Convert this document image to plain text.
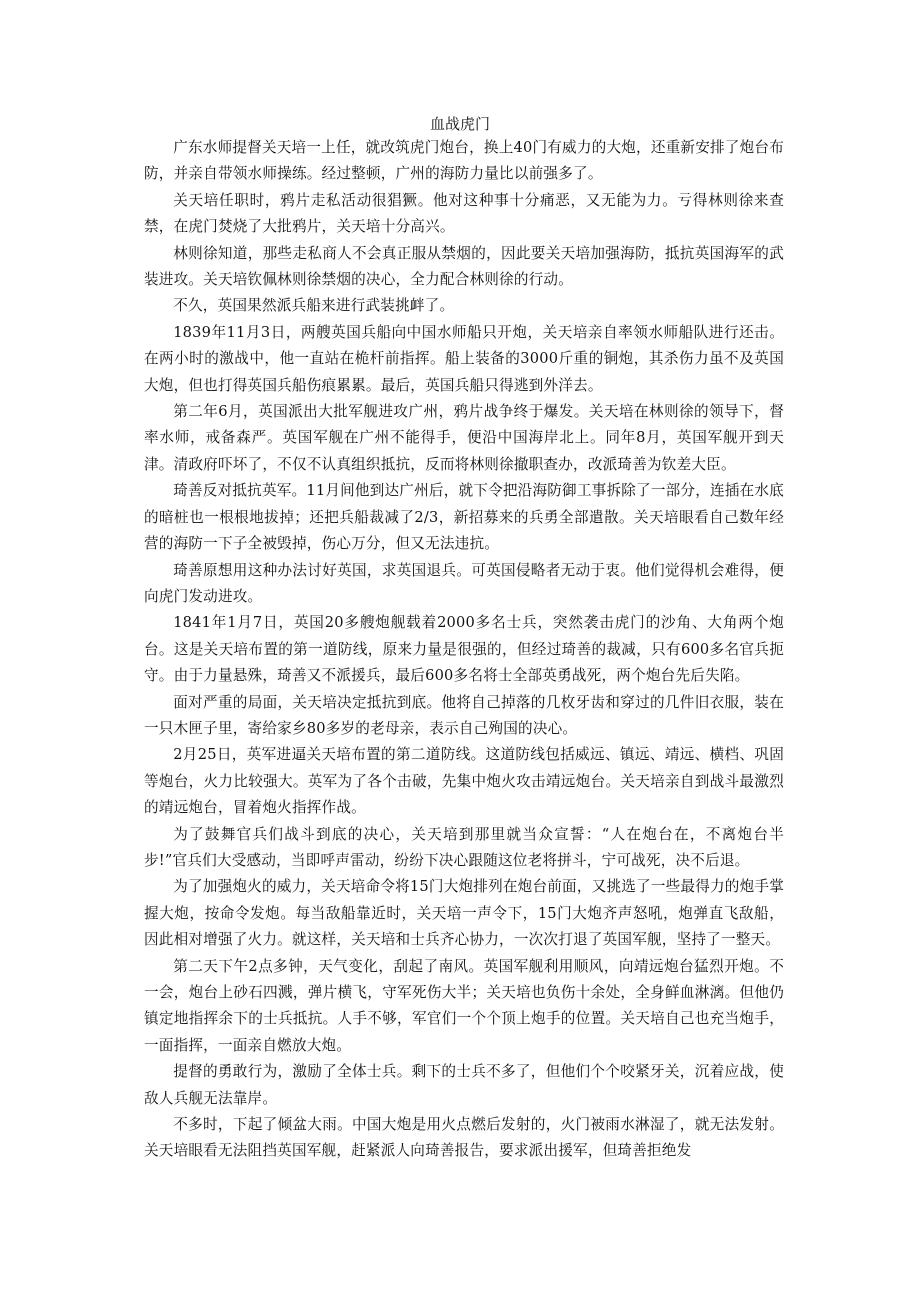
血战虎门

广东水师提督关天培一上任，就改筑虎门炮台，换上40门有威力的大炮，还重新安排了炮台布防，并亲自带领水师操练。经过整顿，广州的海防力量比以前强多了。

关天培任职时，鸦片走私活动很猖獗。他对这种事十分痛恶，又无能为力。亏得林则徐来查禁，在虎门焚烧了大批鸦片，关天培十分高兴。

林则徐知道，那些走私商人不会真正服从禁烟的，因此要关天培加强海防，抵抗英国海军的武装进攻。关天培钦佩林则徐禁烟的决心，全力配合林则徐的行动。

不久，英国果然派兵船来进行武装挑衅了。

1839年11月3日，两艘英国兵船向中国水师船只开炮，关天培亲自率领水师船队进行还击。在两小时的激战中，他一直站在桅杆前指挥。船上装备的3000斤重的铜炮，其杀伤力虽不及英国大炮，但也打得英国兵船伤痕累累。最后，英国兵船只得逃到外洋去。

第二年6月，英国派出大批军舰进攻广州，鸦片战争终于爆发。关天培在林则徐的领导下，督率水师，戒备森严。英国军舰在广州不能得手，便沿中国海岸北上。同年8月，英国军舰开到天津。清政府吓坏了，不仅不认真组织抵抗，反而将林则徐撤职查办，改派琦善为钦差大臣。

琦善反对抵抗英军。11月间他到达广州后，就下令把沿海防御工事拆除了一部分，连插在水底的暗桩也一根根地拔掉；还把兵船裁减了2/3，新招募来的兵勇全部遣散。关天培眼看自己数年经营的海防一下子全被毁掉，伤心万分，但又无法违抗。

琦善原想用这种办法讨好英国，求英国退兵。可英国侵略者无动于衷。他们觉得机会难得，便向虎门发动进攻。

1841年1月7日，英国20多艘炮舰载着2000多名士兵，突然袭击虎门的沙角、大角两个炮台。这是关天培布置的第一道防线，原来力量是很强的，但经过琦善的裁减，只有600多名官兵扼守。由于力量悬殊，琦善又不派援兵，最后600多名将士全部英勇战死，两个炮台先后失陷。

面对严重的局面，关天培决定抵抗到底。他将自己掉落的几枚牙齿和穿过的几件旧衣服，装在一只木匣子里，寄给家乡80多岁的老母亲，表示自己殉国的决心。

2月25日，英军进逼关天培布置的第二道防线。这道防线包括威远、镇远、靖远、横档、巩固等炮台，火力比较强大。英军为了各个击破，先集中炮火攻击靖远炮台。关天培亲自到战斗最激烈的靖远炮台，冒着炮火指挥作战。

为了鼓舞官兵们战斗到底的决心，关天培到那里就当众宣誓：“人在炮台在，不离炮台半步!”官兵们大受感动，当即呼声雷动，纷纷下决心跟随这位老将拼斗，宁可战死，决不后退。

为了加强炮火的威力，关天培命令将15门大炮排列在炮台前面，又挑选了一些最得力的炮手掌握大炮，按命令发炮。每当敌船靠近时，关天培一声令下，15门大炮齐声怒吼，炮弹直飞敌船，因此相对增强了火力。就这样，关天培和士兵齐心协力，一次次打退了英国军舰，坚持了一整天。

第二天下午2点多钟，天气变化，刮起了南风。英国军舰利用顺风，向靖远炮台猛烈开炮。不一会，炮台上砂石四溅，弹片横飞，守军死伤大半；关天培也负伤十余处，全身鲜血淋漓。但他仍镇定地指挥余下的士兵抵抗。人手不够，军官们一个个顶上炮手的位置。关天培自己也充当炮手，一面指挥，一面亲自燃放大炮。

提督的勇敢行为，激励了全体士兵。剩下的士兵不多了，但他们个个咬紧牙关，沉着应战，使敌人兵舰无法靠岸。

不多时，下起了倾盆大雨。中国大炮是用火点燃后发射的，火门被雨水淋湿了，就无法发射。关天培眼看无法阻挡英国军舰，赶紧派人向琦善报告，要求派出援军，但琦善拒绝发
